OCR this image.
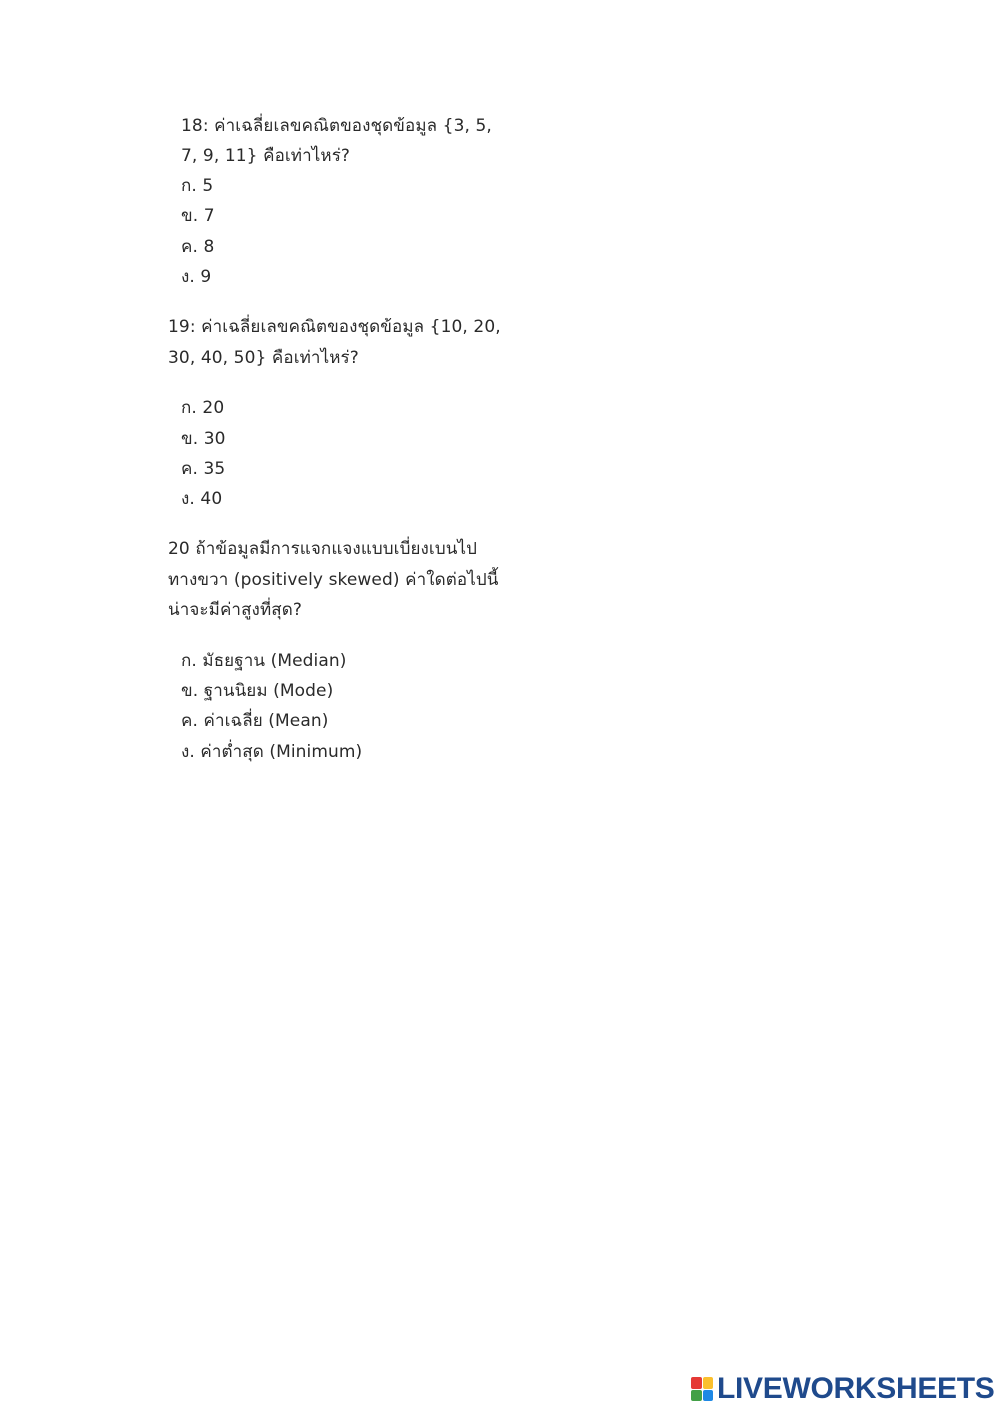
18: ค่าเฉลี่ยเลขคณิตของชุดข้อมูล {3, 5,
7, 9, 11} คือเท่าไหร่?
ก. 5
ข. 7
ค. 8
ง. 9
19: ค่าเฉลี่ยเลขคณิตของชุดข้อมูล {10, 20,
30, 40, 50} คือเท่าไหร่?
ก. 20
ข. 30
ค. 35
ง. 40
20 ถ้าข้อมูลมีการแจกแจงแบบเบี่ยงเบนไป
ทางขวา (positively skewed) ค่าใดต่อไปนี้
น่าจะมีค่าสูงที่สุด?
ก. มัธยฐาน (Median)
ข. ฐานนิยม (Mode)
ค. ค่าเฉลี่ย (Mean)
ง. ค่าต่ำสุด (Minimum)
LIVEWORKSHEETS
